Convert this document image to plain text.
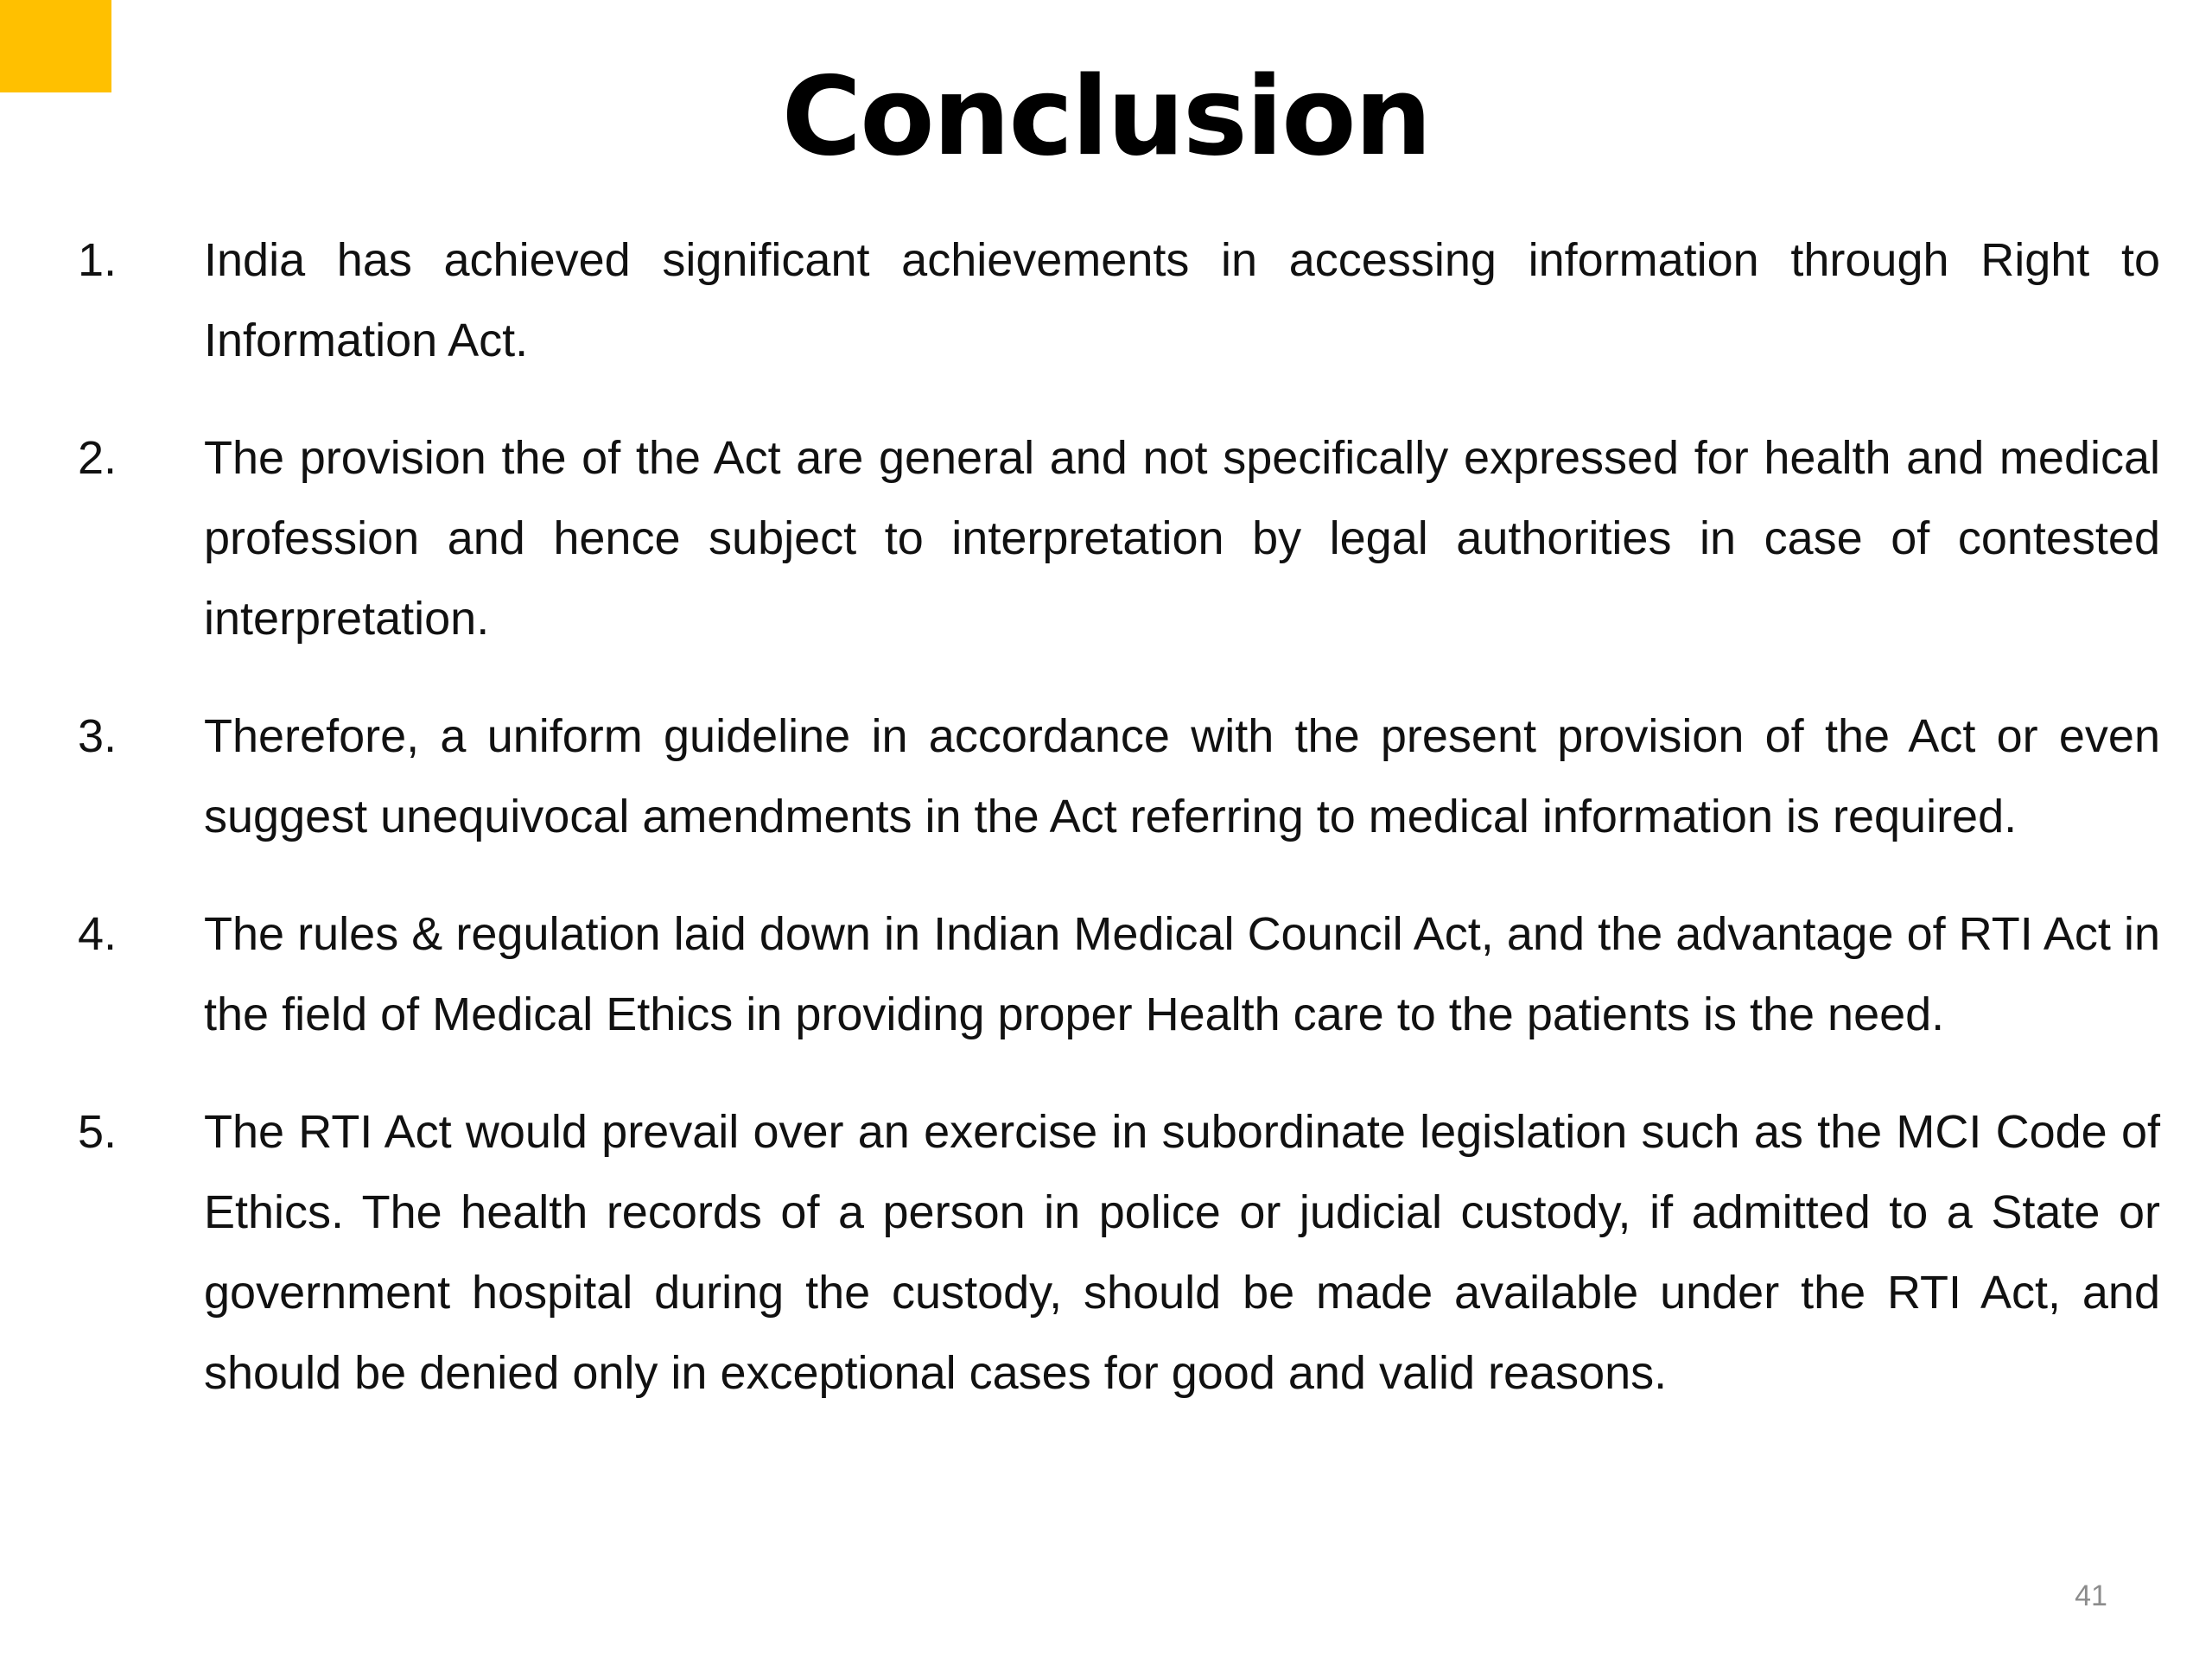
Conclusion
1.	India has achieved significant achievements in accessing information through Right to Information Act.
2.	The provision the of the Act are general and not specifically expressed for health and medical profession and hence subject to interpretation by legal authorities in case of contested interpretation.
3.	Therefore, a uniform guideline in accordance with the present provision of the Act or even suggest unequivocal amendments in the Act referring to medical information is required.
4.	The rules & regulation laid down in Indian Medical Council Act, and the advantage of RTI Act in the field of Medical Ethics in providing proper Health care to the patients is the need.
5.	The RTI Act would prevail over an exercise in subordinate legislation such as the MCI Code of Ethics. The health records of a person in police or judicial custody, if admitted to a State or government hospital during the custody, should be made available under the RTI Act, and should be denied only in exceptional cases for good and valid reasons.
41
